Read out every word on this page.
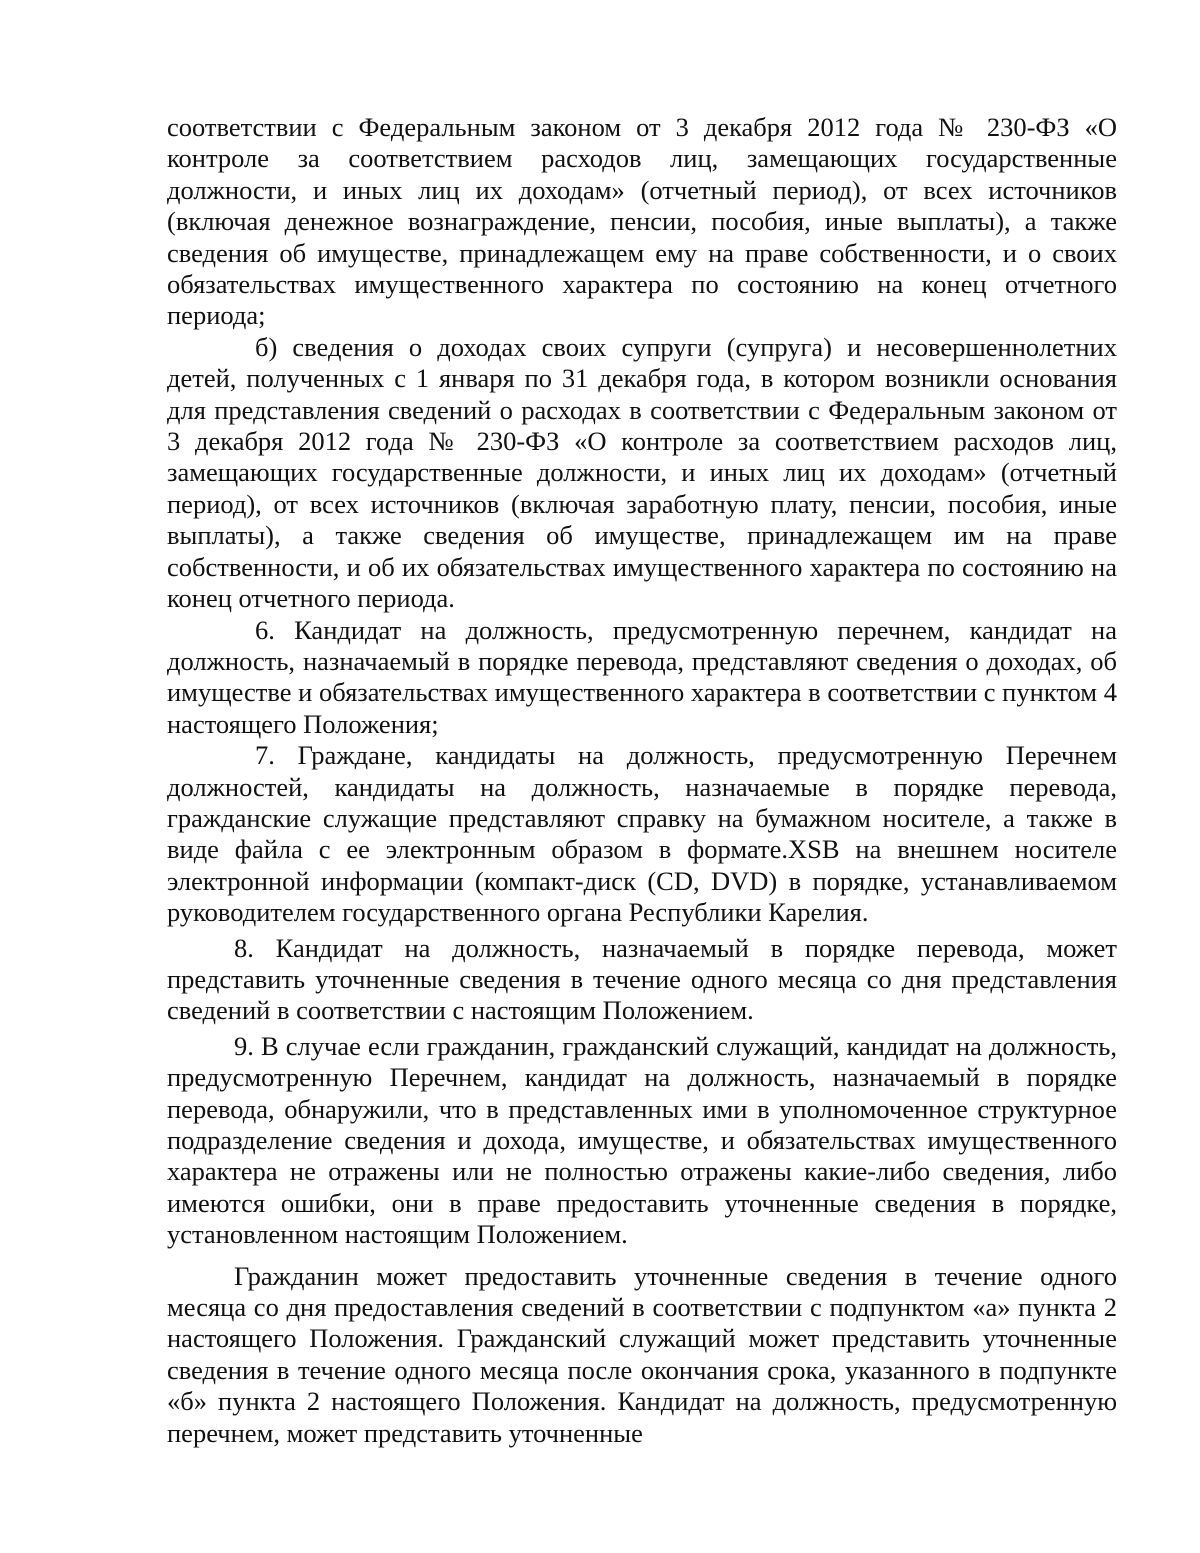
соответствии с Федеральным законом от 3 декабря 2012 года № 230-ФЗ «О контроле за соответствием расходов лиц, замещающих государственные должности, и иных лиц их доходам» (отчетный период), от всех источников (включая денежное вознаграждение, пенсии, пособия, иные выплаты), а также сведения об имуществе, принадлежащем ему на праве собственности, и о своих обязательствах имущественного характера по состоянию на конец отчетного периода;

б) сведения о доходах своих супруги (супруга) и несовершеннолетних детей, полученных с 1 января по 31 декабря года, в котором возникли основания для представления сведений о расходах в соответствии с Федеральным законом от 3 декабря 2012 года № 230-ФЗ «О контроле за соответствием расходов лиц, замещающих государственные должности, и иных лиц их доходам» (отчетный период), от всех источников (включая заработную плату, пенсии, пособия, иные выплаты), а также сведения об имуществе, принадлежащем им на праве собственности, и об их обязательствах имущественного характера по состоянию на конец отчетного периода.

6. Кандидат на должность, предусмотренную перечнем, кандидат на должность, назначаемый в порядке перевода, представляют сведения о доходах, об имуществе и обязательствах имущественного характера в соответствии с пунктом 4 настоящего Положения;

7. Граждане, кандидаты на должность, предусмотренную Перечнем должностей, кандидаты на должность, назначаемые в порядке перевода, гражданские служащие представляют справку на бумажном носителе, а также в виде файла с ее электронным образом в формате.XSB на внешнем носителе электронной информации (компакт-диск (CD, DVD) в порядке, устанавливаемом руководителем государственного органа Республики Карелия.

8. Кандидат на должность, назначаемый в порядке перевода, может представить уточненные сведения в течение одного месяца со дня представления сведений в соответствии с настоящим Положением.

9. В случае если гражданин, гражданский служащий, кандидат на должность, предусмотренную Перечнем, кандидат на должность, назначаемый в порядке перевода, обнаружили, что в представленных ими в уполномоченное структурное подразделение сведения и дохода, имуществе, и обязательствах имущественного характера не отражены или не полностью отражены какие-либо сведения, либо имеются ошибки, они в праве предоставить уточненные сведения в порядке, установленном настоящим Положением.

Гражданин может предоставить уточненные сведения в течение одного месяца со дня предоставления сведений в соответствии с подпунктом «а» пункта 2 настоящего Положения. Гражданский служащий может представить уточненные сведения в течение одного месяца после окончания срока, указанного в подпункте «б» пункта 2 настоящего Положения. Кандидат на должность, предусмотренную перечнем, может представить уточненные
